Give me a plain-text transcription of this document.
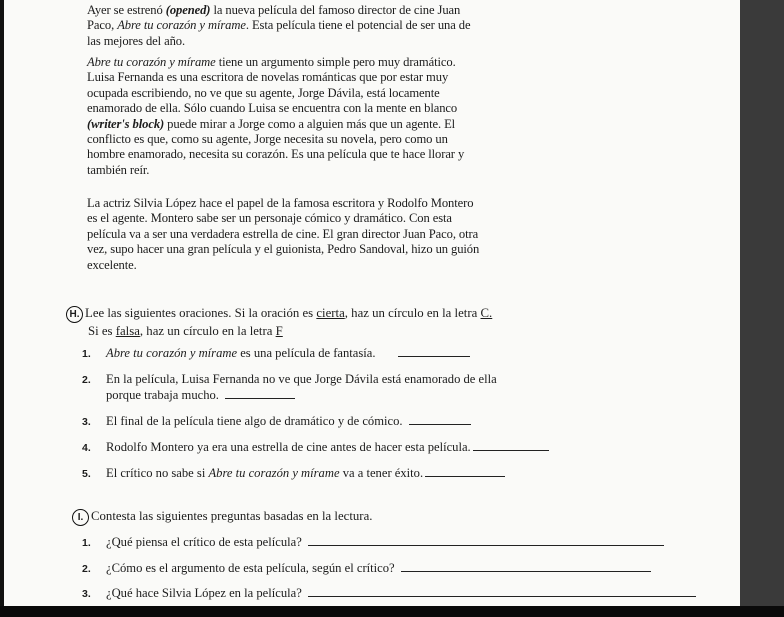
Ayer se estrenó (opened) la nueva película del famoso director de cine Juan
Paco, Abre tu corazón y mírame. Esta película tiene el potencial de ser una de
las mejores del año.

Abre tu corazón y mírame tiene un argumento simple pero muy dramático.
Luisa Fernanda es una escritora de novelas románticas que por estar muy
ocupada escribiendo, no ve que su agente, Jorge Dávila, está locamente
enamorado de ella. Sólo cuando Luisa se encuentra con la mente en blanco
(writer's block) puede mirar a Jorge como a alguien más que un agente. El
conflicto es que, como su agente, Jorge necesita su novela, pero como un
hombre enamorado, necesita su corazón. Es una película que te hace llorar y
también reír.

La actriz Silvia López hace el papel de la famosa escritora y Rodolfo Montero
es el agente. Montero sabe ser un personaje cómico y dramático. Con esta
película va a ser una verdadera estrella de cine. El gran director Juan Paco, otra
vez, supo hacer una gran película y el guionista, Pedro Sandoval, hizo un guión
excelente.

H. Lee las siguientes oraciones. Si la oración es cierta, haz un círculo en la letra C.
Si es falsa, haz un círculo en la letra F
1. Abre tu corazón y mírame es una película de fantasía.
2. En la película, Luisa Fernanda no ve que Jorge Dávila está enamorado de ella
porque trabaja mucho.
3. El final de la película tiene algo de dramático y de cómico.
4. Rodolfo Montero ya era una estrella de cine antes de hacer esta película.
5. El crítico no sabe si Abre tu corazón y mírame va a tener éxito.
I. Contesta las siguientes preguntas basadas en la lectura.
1. ¿Qué piensa el crítico de esta película?
2. ¿Cómo es el argumento de esta película, según el crítico?
3. ¿Qué hace Silvia López en la película?
